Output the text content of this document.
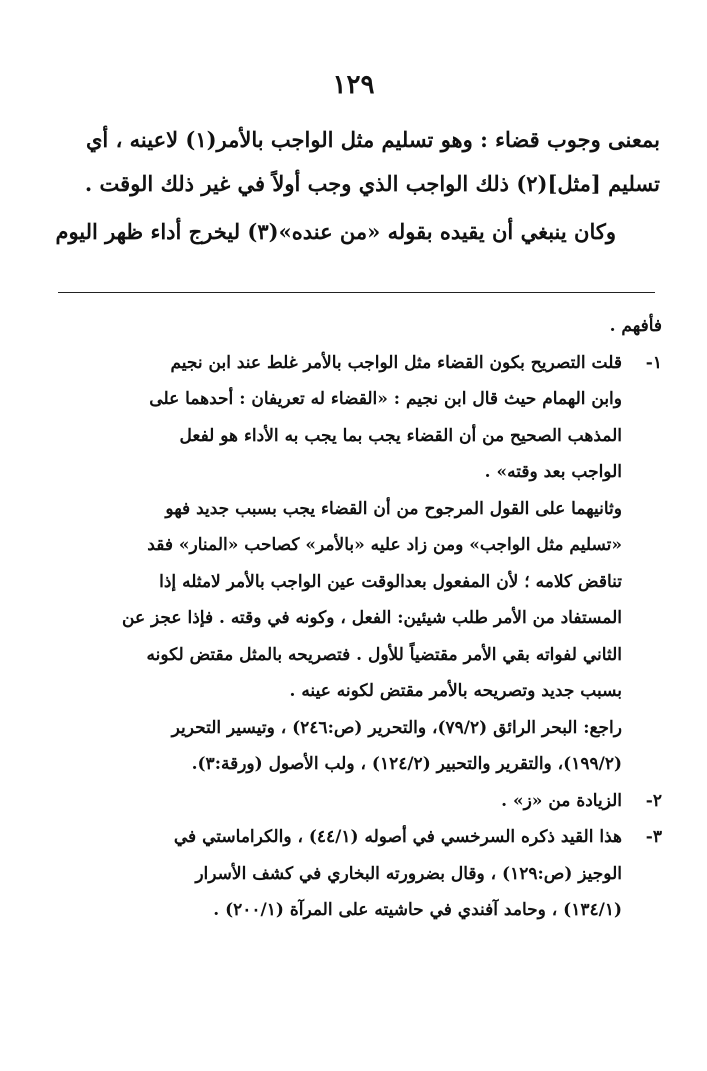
١٢٩

بمعنى وجوب قضاء : وهو تسليم مثل الواجب بالأمر(١) لاعينه ، أي

تسليم [مثل](٢) ذلك الواجب الذي وجب أولاً في غير ذلك الوقت .

وكان ينبغي أن يقيده بقوله «من عنده»(٣) ليخرج أداء ظهر اليوم

فأفهم .

١-

قلت التصريح بكون القضاء مثل الواجب بالأمر غلط عند ابن نجيم

وابن الهمام حيث قال ابن نجيم : «القضاء له تعريفان : أحدهما على

المذهب الصحيح من أن القضاء يجب بما يجب به الأداء هو لفعل

الواجب بعد وقته» .

وثانيهما على القول المرجوح من أن القضاء يجب بسبب جديد فهو

«تسليم مثل الواجب» ومن زاد عليه «بالأمر» كصاحب «المنار» فقد

تناقض كلامه ؛ لأن المفعول بعدالوقت عين الواجب بالأمر لامثله إذا

المستفاد من الأمر طلب شيئين: الفعل ، وكونه في وقته . فإذا عجز عن

الثاني لفواته بقي الأمر مقتضياً للأول . فتصريحه بالمثل مقتض لكونه

بسبب جديد وتصريحه بالأمر مقتض لكونه عينه .

راجع: البحر الرائق (٧٩/٢)، والتحرير (ص:٢٤٦) ، وتيسير التحرير

(١٩٩/٢)، والتقرير والتحبير (١٢٤/٢) ، ولب الأصول (ورقة:٣).

٢-

الزيادة من «ز» .

٣-

هذا القيد ذكره السرخسي في أصوله (٤٤/١) ، والكراماستي في

الوجيز (ص:١٢٩) ، وقال بضرورته البخاري في كشف الأسرار

(١٣٤/١) ، وحامد آفندي في حاشيته على المرآة (٢٠٠/١) .
